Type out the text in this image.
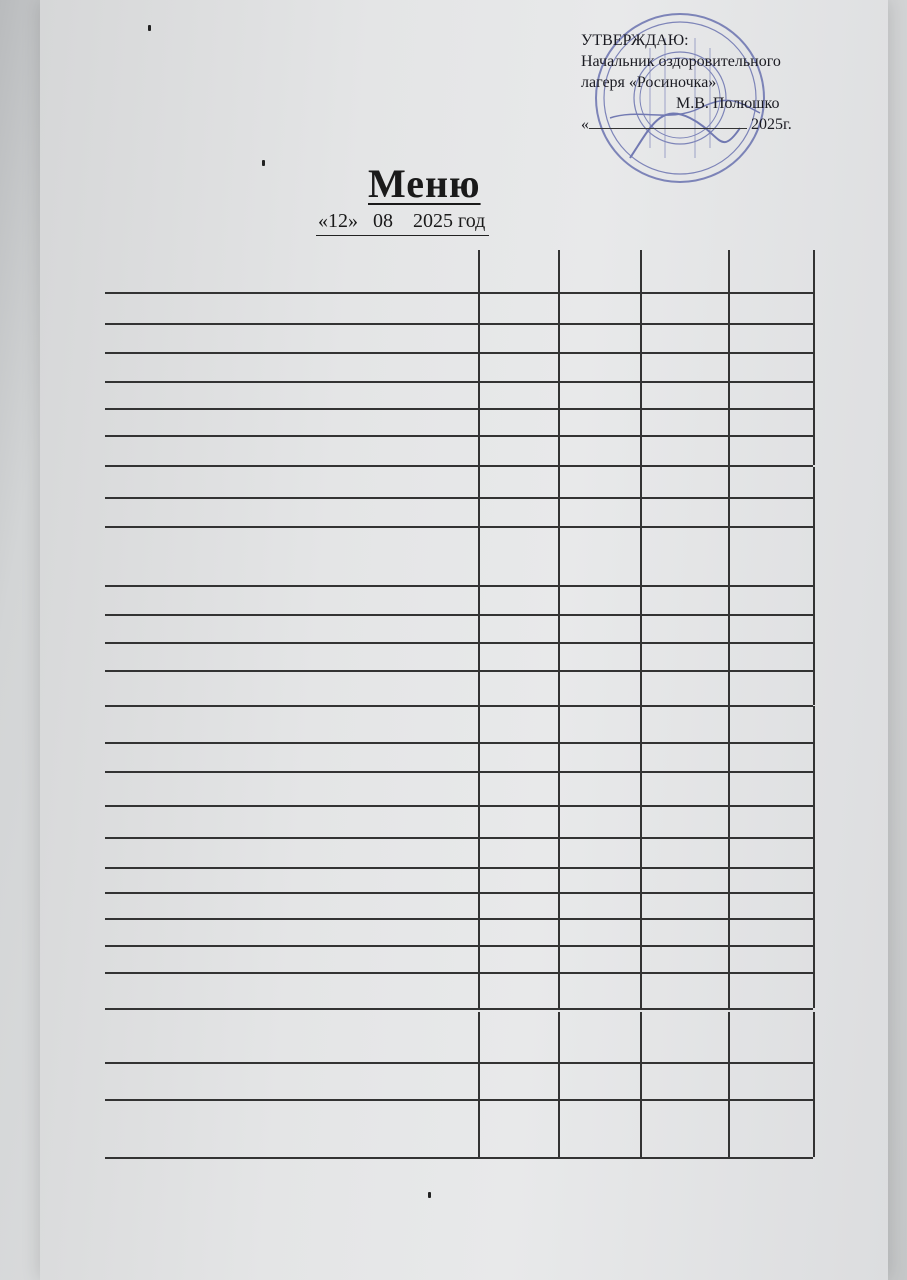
УТВЕРЖДАЮ:
Начальник оздоровительного
лагеря «Росиночка»
М.В. Полюшко
«	2025г.
Меню
«12»   08    2025 год
